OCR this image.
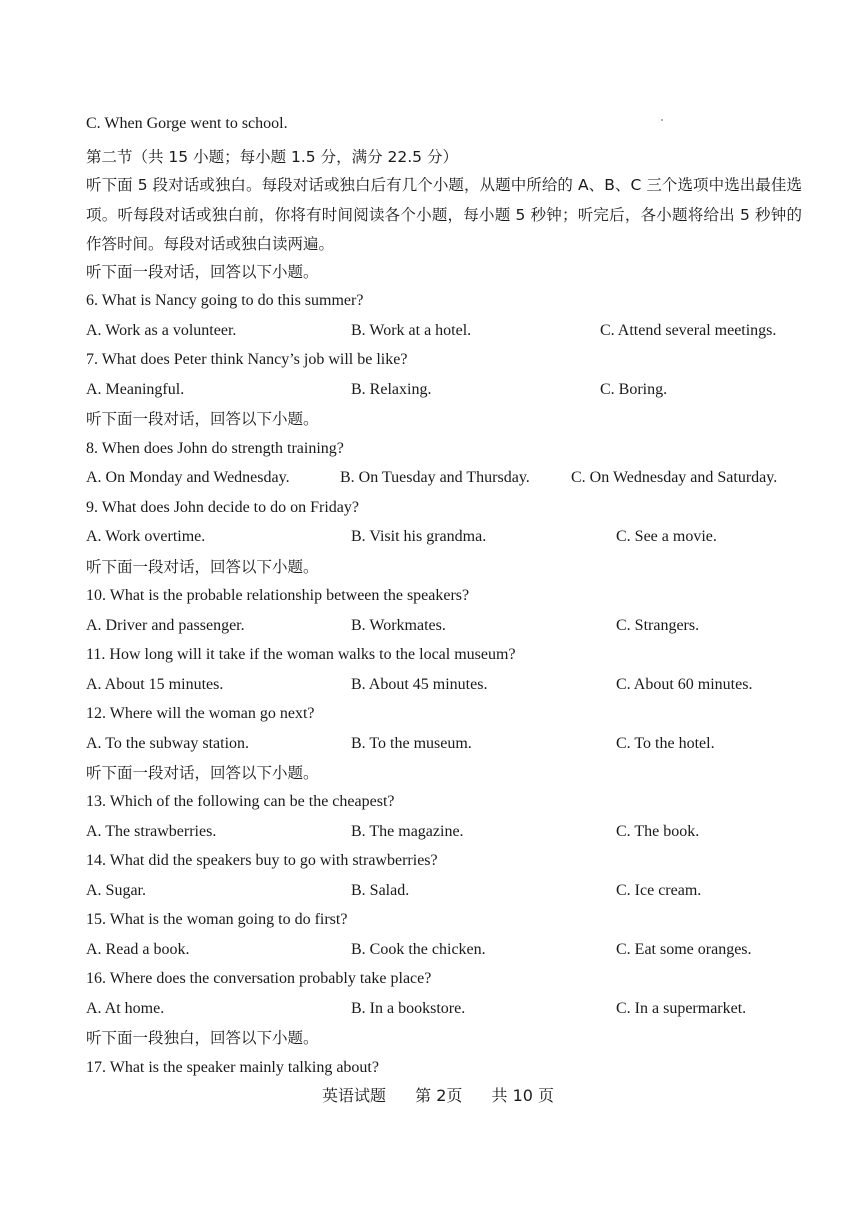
C. When Gorge went to school.
第二节（共 15 小题；每小题 1.5 分，满分 22.5 分）
听下面 5 段对话或独白。每段对话或独白后有几个小题，从题中所给的 A、B、C 三个选项中选出最佳选项。听每段对话或独白前，你将有时间阅读各个小题，每小题 5 秒钟；听完后，各小题将给出 5 秒钟的作答时间。每段对话或独白读两遍。
听下面一段对话，回答以下小题。
6. What is Nancy going to do this summer?
A. Work as a volunteer.	B. Work at a hotel.	C. Attend several meetings.
7. What does Peter think Nancy’s job will be like?
A. Meaningful.	B. Relaxing.	C. Boring.
听下面一段对话，回答以下小题。
8. When does John do strength training?
A. On Monday and Wednesday.	B. On Tuesday and Thursday.	C. On Wednesday and Saturday.
9. What does John decide to do on Friday?
A. Work overtime.	B. Visit his grandma.	C. See a movie.
听下面一段对话，回答以下小题。
10. What is the probable relationship between the speakers?
A. Driver and passenger.	B. Workmates.	C. Strangers.
11. How long will it take if the woman walks to the local museum?
A. About 15 minutes.	B. About 45 minutes.	C. About 60 minutes.
12. Where will the woman go next?
A. To the subway station.	B. To the museum.	C. To the hotel.
听下面一段对话，回答以下小题。
13. Which of the following can be the cheapest?
A. The strawberries.	B. The magazine.	C. The book.
14. What did the speakers buy to go with strawberries?
A. Sugar.	B. Salad.	C. Ice cream.
15. What is the woman going to do first?
A. Read a book.	B. Cook the chicken.	C. Eat some oranges.
16. Where does the conversation probably take place?
A. At home.	B. In a bookstore.	C. In a supermarket.
听下面一段独白，回答以下小题。
17. What is the speaker mainly talking about?
英语试题 第 2页 共 10 页
